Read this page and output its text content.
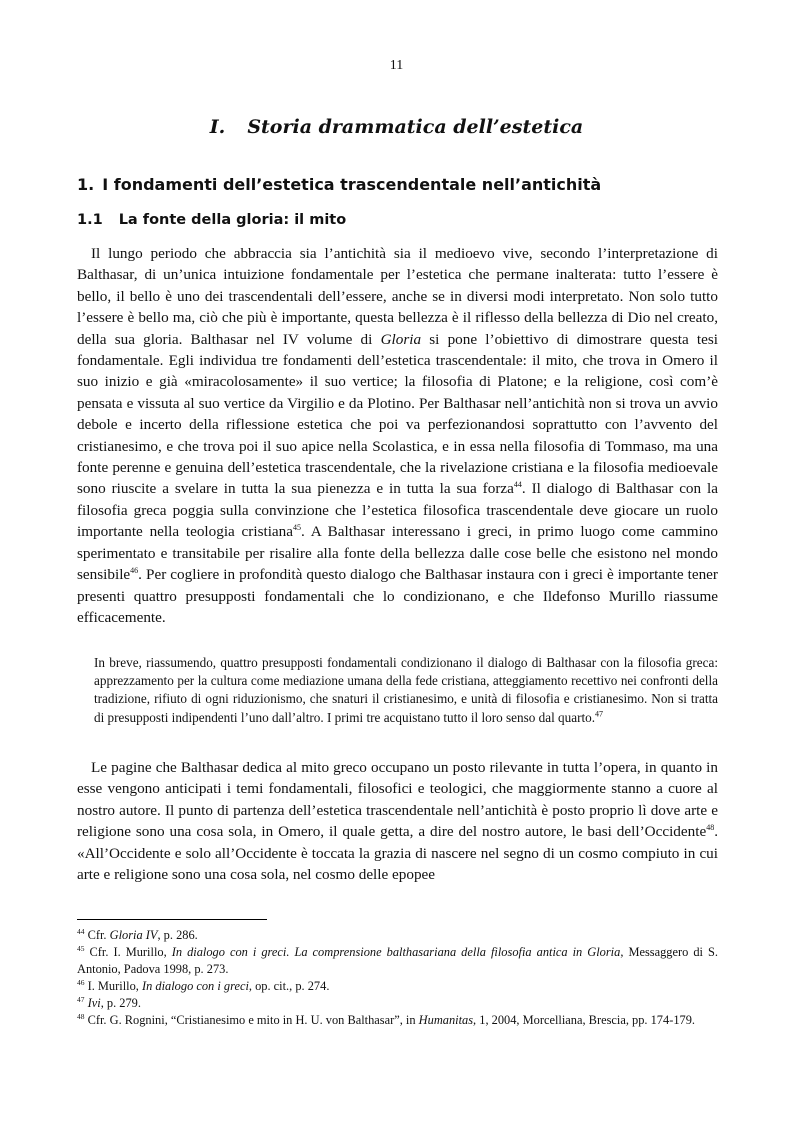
11
I. Storia drammatica dell’estetica
1. I fondamenti dell’estetica trascendentale nell’antichità
1.1 La fonte della gloria: il mito

Il lungo periodo che abbraccia sia l’antichità sia il medioevo vive, secondo l’interpretazione di Balthasar, di un’unica intuizione fondamentale per l’estetica che permane inalterata: tutto l’essere è bello, il bello è uno dei trascendentali dell’essere, anche se in diversi modi interpretato. Non solo tutto l’essere è bello ma, ciò che più è importante, questa bellezza è il riflesso della bellezza di Dio nel creato, della sua gloria. Balthasar nel IV volume di Gloria si pone l’obiettivo di dimostrare questa tesi fondamentale. Egli individua tre fondamenti dell’estetica trascendentale: il mito, che trova in Omero il suo inizio e già «miracolosamente» il suo vertice; la filosofia di Platone; e la religione, così com’è pensata e vissuta al suo vertice da Virgilio e da Plotino. Per Balthasar nell’antichità non si trova un avvio debole e incerto della riflessione estetica che poi va perfezionandosi soprattutto con l’avvento del cristianesimo, e che trova poi il suo apice nella Scolastica, e in essa nella filosofia di Tommaso, ma una fonte perenne e genuina dell’estetica trascendentale, che la rivelazione cristiana e la filosofia medioevale sono riuscite a svelare in tutta la sua pienezza e in tutta la sua forza$^{44}$. Il dialogo di Balthasar con la filosofia greca poggia sulla convinzione che l’estetica filosofica trascendentale deve giocare un ruolo importante nella teologia cristiana$^{45}$. A Balthasar interessano i greci, in primo luogo come cammino sperimentato e transitabile per risalire alla fonte della bellezza dalle cose belle che esistono nel mondo sensibile$^{46}$. Per cogliere in profondità questo dialogo che Balthasar instaura con i greci è importante tener presenti quattro presupposti fondamentali che lo condizionano, e che Ildefonso Murillo riassume efficacemente.

In breve, riassumendo, quattro presupposti fondamentali condizionano il dialogo di Balthasar con la filosofia greca: apprezzamento per la cultura come mediazione umana della fede cristiana, atteggiamento recettivo nei confronti della tradizione, rifiuto di ogni riduzionismo, che snaturi il cristianesimo, e unità di filosofia e cristianesimo. Non si tratta di presupposti indipendenti l’uno dall’altro. I primi tre acquistano tutto il loro senso dal quarto.$^{47}$

Le pagine che Balthasar dedica al mito greco occupano un posto rilevante in tutta l’opera, in quanto in esse vengono anticipati i temi fondamentali, filosofici e teologici, che maggiormente stanno a cuore al nostro autore. Il punto di partenza dell’estetica trascendentale nell’antichità è posto proprio lì dove arte e religione sono una cosa sola, in Omero, il quale getta, a dire del nostro autore, le basi dell’Occidente$^{48}$. «All’Occidente e solo all’Occidente è toccata la grazia di nascere nel segno di un cosmo compiuto in cui arte e religione sono una cosa sola, nel cosmo delle epopee

$^{44}$ Cfr. Gloria IV, p. 286.

$^{45}$ Cfr. I. Murillo, In dialogo con i greci. La comprensione balthasariana della filosofia antica in Gloria, Messaggero di S. Antonio, Padova 1998, p. 273.

$^{46}$ I. Murillo, In dialogo con i greci, op. cit., p. 274.

$^{47}$ Ivi, p. 279.

$^{48}$ Cfr. G. Rognini, “Cristianesimo e mito in H. U. von Balthasar”, in Humanitas, 1, 2004, Morcelliana, Brescia, pp. 174-179.
